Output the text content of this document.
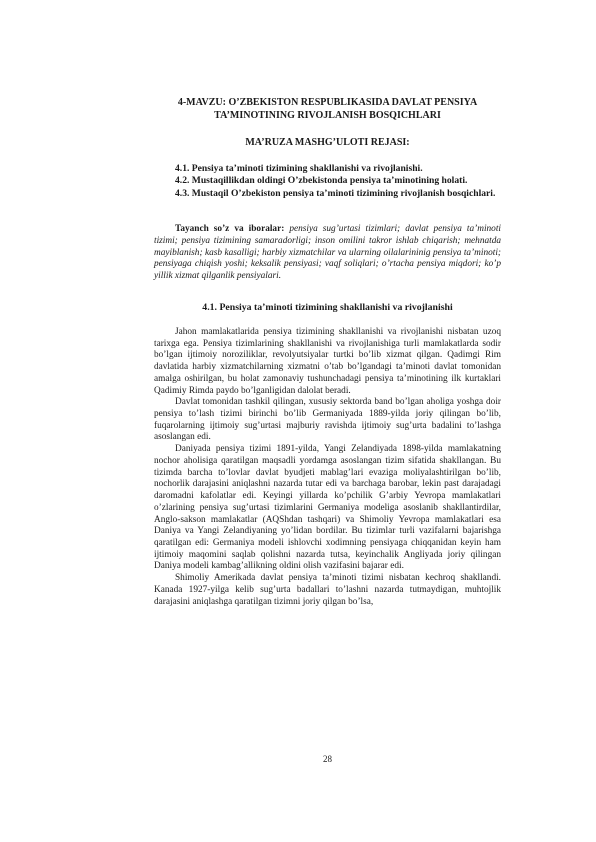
4-MAVZU: O’ZBEKISTON RESPUBLIKASIDA DAVLAT PENSIYA
TA’MINOTINING RIVOJLANISH BOSQICHLARI
MA’RUZA MASHG’ULOTI REJASI:

4.1. Pensiya ta’minoti tizimining shakllanishi va rivojlanishi.

4.2. Mustaqillikdan oldingi O’zbekistonda pensiya ta’minotining holati.

4.3. Mustaqil O’zbekiston pensiya ta’minoti tizimining rivojlanish bosqichlari.

Tayanch so’z va iboralar: pensiya sug’urtasi tizimlari; davlat pensiya ta’minoti tizimi; pensiya tizimining samaradorligi; inson omilini takror ishlab chiqarish; mehnatda mayiblanish; kasb kasalligi; harbiy xizmatchilar va ularning oilalarininig pensiya ta’minoti; pensiyaga chiqish yoshi; keksalik pensiyasi; vaqf soliqlari; o’rtacha pensiya miqdori; ko’p yillik xizmat qilganlik pensiyalari.

4.1. Pensiya ta’minoti tizimining shakllanishi va rivojlanishi

Jahon mamlakatlarida pensiya tizimining shakllanishi va rivojlanishi nisbatan uzoq tarixga ega. Pensiya tizimlarining shakllanishi va rivojlanishiga turli mamlakatlarda sodir bo’lgan ijtimoiy noroziliklar, revolyutsiyalar turtki bo’lib xizmat qilgan. Qadimgi Rim davlatida harbiy xizmatchilarning xizmatni o’tab bo’lgandagi ta’minoti davlat tomonidan amalga oshirilgan, bu holat zamonaviy tushunchadagi pensiya ta’minotining ilk kurtaklari Qadimiy Rimda paydo bo’lganligidan dalolat beradi.

Davlat tomonidan tashkil qilingan, xususiy sektorda band bo’lgan aholiga yoshga doir pensiya to’lash tizimi birinchi bo’lib Germaniyada 1889-yilda joriy qilingan bo’lib, fuqarolarning ijtimoiy sug’urtasi majburiy ravishda ijtimoiy sug’urta badalini to’lashga asoslangan edi.

Daniyada pensiya tizimi 1891-yilda, Yangi Zelandiyada 1898-yilda mamlakatning nochor aholisiga qaratilgan maqsadli yordamga asoslangan tizim sifatida shakllangan. Bu tizimda barcha to’lovlar davlat byudjeti mablag’lari evaziga moliyalashtirilgan bo’lib, nochorlik darajasini aniqlashni nazarda tutar edi va barchaga barobar, lekin past darajadagi daromadni kafolatlar edi. Keyingi yillarda ko’pchilik G’arbiy Yevropa mamlakatlari o’zlarining pensiya sug’urtasi tizimlarini Germaniya modeliga asoslanib shakllantirdilar, Anglo-sakson mamlakatlar (AQShdan tashqari) va Shimoliy Yevropa mamlakatlari esa Daniya va Yangi Zelandiyaning yo’lidan bordilar. Bu tizimlar turli vazifalarni bajarishga qaratilgan edi: Germaniya modeli ishlovchi xodimning pensiyaga chiqqanidan keyin ham ijtimoiy maqomini saqlab qolishni nazarda tutsa, keyinchalik Angliyada joriy qilingan Daniya modeli kambag’allikning oldini olish vazifasini bajarar edi.

Shimoliy Amerikada davlat pensiya ta’minoti tizimi nisbatan kechroq shakllandi. Kanada 1927-yilga kelib sug’urta badallari to’lashni nazarda tutmaydigan, muhtojlik darajasini aniqlashga qaratilgan tizimni joriy qilgan bo’lsa,

28
